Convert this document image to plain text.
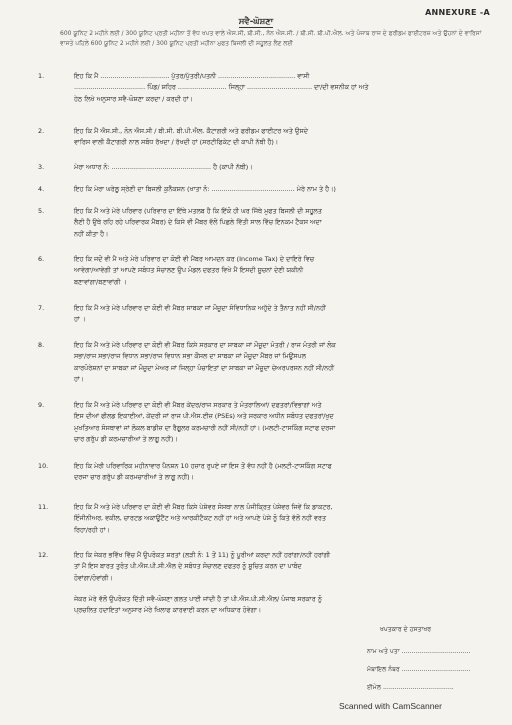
ANNEXURE -A
ਸਵੈ-ਘੋਸ਼ਣਾ
600 ਯੂਨਿਟ 2 ਮਹੀਨੇ ਲਈ / 300 ਯੂਨਿਟ ਪ੍ਰਤੀ ਮਹੀਨਾ ਤੋਂ ਵੱਧ ਖਪਤ ਵਾਲੇ ਐਸ.ਸੀ, ਬੀ.ਸੀ., ਨੋਨ ਐਸ.ਸੀ. / ਬੀ.ਸੀ. ਬੀ.ਪੀ.ਐਲ. ਅਤੇ ਪੰਜਾਬ ਰਾਜ ਦੇ ਫਰੀਡਮ ਫਾਈਟਰਜ਼ ਅਤੇ ਉਹਨਾਂ ਦੇ ਵਾਰਿਸਾਂ ਵਾਸਤੇ ਪਹਿਲੇ 600 ਯੂਨਿਟ 2 ਮਹੀਨੇ ਲਈ / 300 ਯੂਨਿਟ ਪ੍ਰਤੀ ਮਹੀਨਾ ਮੁਫਤ ਬਿਜਲੀ ਦੀ ਸਹੂਲਤ ਲੈਣ ਲਈ
1.	ਇਹ ਕਿ ਮੈਂ .................................. ਪੁੱਤਰ/ਪੁੱਤਰੀ/ਪਤਨੀ ...................................... ਵਾਸੀ
................................... ਪਿੰਡ/ ਸ਼ਹਿਰ ........................ ਜਿਲ੍ਹਾ ................................ ਦਾ/ਦੀ ਵਸਨੀਕ ਹਾਂ ਅਤੇ
ਹੇਠ ਲਿਖੇ ਅਨੁਸਾਰ ਸਵੈ-ਘੋਸ਼ਣਾ ਕਰਦਾ / ਕਰਦੀ ਹਾਂ।
2.	ਇਹ ਕਿ ਮੈਂ ਐਸ.ਸੀ., ਨੋਨ ਐਸ.ਸੀ / ਬੀ.ਸੀ. ਬੀ.ਪੀ.ਐਲ. ਕੈਟਾਗਰੀ ਅਤੇ ਫਰੀਡਮ ਫਾਈਟਰ ਅਤੇ ਉਸਦੇ
ਵਾਰਿਸ ਵਾਲੀ ਕੈਟਾਗਰੀ ਨਾਲ ਸਬੰਧ ਰੱਖਦਾ / ਰੱਖਦੀ ਹਾਂ (ਸਰਟੀਫਿਕੇਟ ਦੀ ਕਾਪੀ ਨੱਥੀ ਹੈ)।
3.	ਮੇਰਾ ਅਧਾਰ ਨੰ: ................................................. ਹੈ (ਕਾਪੀ ਨੱਥੀ)।
4.	ਇਹ ਕਿ ਮੇਰਾ ਘਰੇਲੂ ਸ੍ਰੇਣੀ ਦਾ ਬਿਜਲੀ ਕੁਨੈਕਸ਼ਨ (ਖਾਤਾ ਨੰ: ......................................... ਮੇਰੇ ਨਾਮ ਤੇ ਹੈ।)
5.	ਇਹ ਕਿ ਮੈਂ ਅਤੇ ਮੇਰੇ ਪਰਿਵਾਰ (ਪਰਿਵਾਰ ਦਾ ਇੱਥੇ ਮਤਲਬ ਹੈ ਕਿ ਇੱਕੋ ਹੀ ਘਰ ਜਿੱਥੇ ਮੁਫਤ ਬਿਜਲੀ ਦੀ ਸਹੂਲਤ
ਲੈਣੀ ਹੈ ਉਥੇ ਰਹਿ ਰਹੇ ਪਰਿਵਾਰਕ ਮੈਂਬਰ) ਦੇ ਕਿਸੇ ਵੀ ਮੈਂਬਰ ਵੱਲੋਂ ਪਿਛਲੇ ਵਿੱਤੀ ਸਾਲ ਵਿੱਚ ਇਨਕਮ ਟੈਕਸ ਅਦਾ
ਨਹੀਂ ਕੀਤਾ ਹੈ।
6.	ਇਹ ਕਿ ਜਦੋਂ ਵੀ ਮੈਂ ਅਤੇ ਮੇਰੇ ਪਰਿਵਾਰ ਦਾ ਕੋਈ ਵੀ ਮੈਂਬਰ ਆਮਦਨ ਕਰ (Income Tax) ਦੇ ਦਾਇਰੇ ਵਿਚ
ਆਵੇਗਾ/ਆਵੇਗੀ ਤਾਂ ਆਪਣੇ ਸਬੰਧਤ ਸੰਚਾਲਣ ਉਪ ਮੰਡਲ ਦਫਤਰ ਵਿਖੇ ਮੈਂ ਇਸਦੀ ਸੂਚਨਾਂ ਦੇਣੀ ਯਕੀਨੀ
ਬਣਾਵਾਂਗਾ/ਬਣਾਵਾਂਗੀ ।
7.	ਇਹ ਕਿ ਮੈਂ ਅਤੇ ਮੇਰੇ ਪਰਿਵਾਰ ਦਾ ਕੋਈ ਵੀ ਮੈਂਬਰ ਸਾਬਕਾ ਜਾਂ ਮੌਜੂਦਾ ਸੰਵਿਧਾਨਿਕ ਅਹੁੱਦੇ ਤੇ ਤੈਨਾਤ ਨਹੀਂ ਸੀ/ਨਹੀਂ
ਹਾਂ ।
8.	ਇਹ ਕਿ ਮੈਂ ਅਤੇ ਮੇਰੇ ਪਰਿਵਾਰ ਦਾ ਕੋਈ ਵੀ ਮੈਂਬਰ ਕਿਸੇ ਸਰਕਾਰ ਦਾ ਸਾਬਕਾ ਜਾਂ ਮੌਜੂਦਾ ਮੰਤਰੀ / ਰਾਜ ਮੰਤਰੀ ਜਾਂ ਲੋਕ
ਸਭਾ/ਰਾਜ ਸਭਾ/ਰਾਜ ਵਿਧਾਨ ਸਭਾ/ਰਾਜ ਵਿਧਾਨ ਸਭਾ ਕੌਂਸਲ ਦਾ ਸਾਬਕਾ ਜਾਂ ਮੌਜੂਦਾ ਮੈਂਬਰ ਜਾਂ ਮਿਊਂਸਪਲ
ਕਾਰਪੋਰੇਸ਼ਨਾਂ ਦਾ ਸਾਬਕਾ ਜਾਂ ਮੌਜੂਦਾ ਮੇਅਰ ਜਾਂ ਜਿਲ੍ਹਾ ਪੰਚਾਇਤਾਂ ਦਾ ਸਾਬਕਾ ਜਾਂ ਮੌਜੂਦਾ ਚੇਅਰਪਰਸਨ ਨਹੀਂ ਸੀ/ਨਹੀਂ
ਹਾਂ।
9.	ਇਹ ਕਿ ਮੈਂ ਅਤੇ ਮੇਰੇ ਪਰਿਵਾਰ ਦਾ ਕੋਈ ਵੀ ਮੈਂਬਰ ਕੇਂਦਰ/ਰਾਜ ਸਰਕਾਰ ਤੇ ਮੰਤਰਾਲਿਆਂ/ ਦਫਤਰਾਂ/ਵਿਭਾਗਾਂ ਅਤੇ
ਇਸ ਦੀਆਂ ਫੀਲਡ ਇਕਾਈਆਂ, ਕੇਂਦਰੀ ਜਾਂ ਰਾਜ ਪੀ.ਐਸ.ਈਜ਼ (PSEs) ਅਤੇ ਸਰਕਾਰ ਅਧੀਨ ਸਬੰਧਤ ਦਫਤਰਾਂ/ਖੁਦ
ਮੁਖਤਿਆਰ ਸੰਸਥਾਵਾਂ ਜਾਂ ਲੋਕਲ ਬਾਡੀਜ਼ ਦਾ ਰੈਗੂਲਰ ਕਰਮਚਾਰੀ ਨਹੀਂ ਸੀ/ਨਹੀਂ ਹਾਂ। (ਮਲਟੀ-ਟਾਸਕਿੰਗ ਸਟਾਫ ਦਰਜਾ
ਚਾਰ ਗਰੁੱਪ ਡੀ ਕਰਮਚਾਰੀਆਂ ਤੇ ਲਾਗੂ ਨਹੀਂ)।
10.	ਇਹ ਕਿ ਮੇਰੀ ਪਰਿਵਾਰਿਕ ਮਹੀਨਾਵਾਰ ਪੈਨਸ਼ਨ 10 ਹਜ਼ਾਰ ਰੁਪਏ ਜਾਂ ਇਸ ਤੋਂ ਵੱਧ ਨਹੀਂ ਹੈ (ਮਲਟੀ-ਟਾਸਕਿੰਗ ਸਟਾਫ
ਦਰਜਾ ਚਾਰ ਗਰੁੱਪ ਡੀ ਕਰਮਚਾਰੀਆਂ ਤੇ ਲਾਗੂ ਨਹੀਂ)।
11.	ਇਹ ਕਿ ਮੈਂ ਅਤੇ ਮੇਰੇ ਪਰਿਵਾਰ ਦਾ ਕੋਈ ਵੀ ਮੈਂਬਰ ਕਿਸੇ ਪੇਸ਼ੇਵਰ ਸੰਸਥਾ ਨਾਲ ਪੰਜੀਕ੍ਰਿਤ ਪੇਸ਼ੇਵਰ ਜਿਵੇਂ ਕਿ ਡਾਕਟਰ,
ਇੰਜੀਨੀਅਰ, ਵਕੀਲ, ਚਾਰਟਡ ਅਕਾਊਂਟੈਂਟ ਅਤੇ ਆਰਕੀਟੈਕਟ ਨਹੀਂ ਹਾਂ ਅਤੇ ਆਪਣੇ ਪੇਸ਼ੇ ਨੂੰ ਕਿਤੇ ਵੱਲੋਂ ਨਹੀਂ ਵਰਤ
ਰਿਹਾ/ਰਹੀ ਹਾਂ।
12.	ਇਹ ਕਿ ਜੇਕਰ ਭਵਿੱਖ ਵਿੱਚ ਮੈਂ ਉਪਰੋਕਤ ਸ਼ਰਤਾਂ (ਲੜੀ ਨੰ: 1 ਤੋਂ 11) ਨੂੰ ਪੂਰੀਆਂ ਕਰਦਾ ਨਹੀਂ ਹਰਾਂਗਾ/ਨਹੀਂ ਹਰਾਂਗੀ
ਤਾਂ ਮੈਂ ਇਸ ਬਾਰਤ ਤੁਰੰਤ ਪੀ.ਐਸ.ਪੀ.ਸੀ.ਐਲ ਦੇ ਸਬੰਧਤ ਸੰਚਾਲਣ ਦਫਤਰ ਨੂੰ ਸੂਚਿਤ ਕਰਨ ਦਾ ਪਾਬੰਦ
ਹੋਵਾਂਗਾ/ਹੋਵਾਂਗੀ।
ਜੇਕਰ ਮੇਰੇ ਵੱਲੋਂ ਉਪਰੋਕਤ ਦਿੱਤੀ ਸਵੈ-ਘੋਸ਼ਣਾ ਗਲਤ ਪਾਈ ਜਾਂਦੀ ਹੈ ਤਾਂ ਪੀ.ਐਸ.ਪੀ.ਸੀ.ਐਲ/ ਪੰਜਾਬ ਸਰਕਾਰ ਨੂੰ
ਪ੍ਰਚਲਿਤ ਹਦਾਇਤਾਂ ਅਨੁਸਾਰ ਮੇਰੇ ਖਿਲਾਫ ਕਾਰਵਾਈ ਕਰਨ ਦਾ ਅਧਿਕਾਰ ਹੋਵੇਗਾ।
ਖਪਤਕਾਰ ਦੇ ਹਸਤਾਖਰ
ਨਾਮ ਅਤੇ ਪਤਾ ...................................
ਮੋਬਾਇਲ ਨੰਬਰ ...................................
ਈਮੇਲ ....................................
Scanned with CamScanner
